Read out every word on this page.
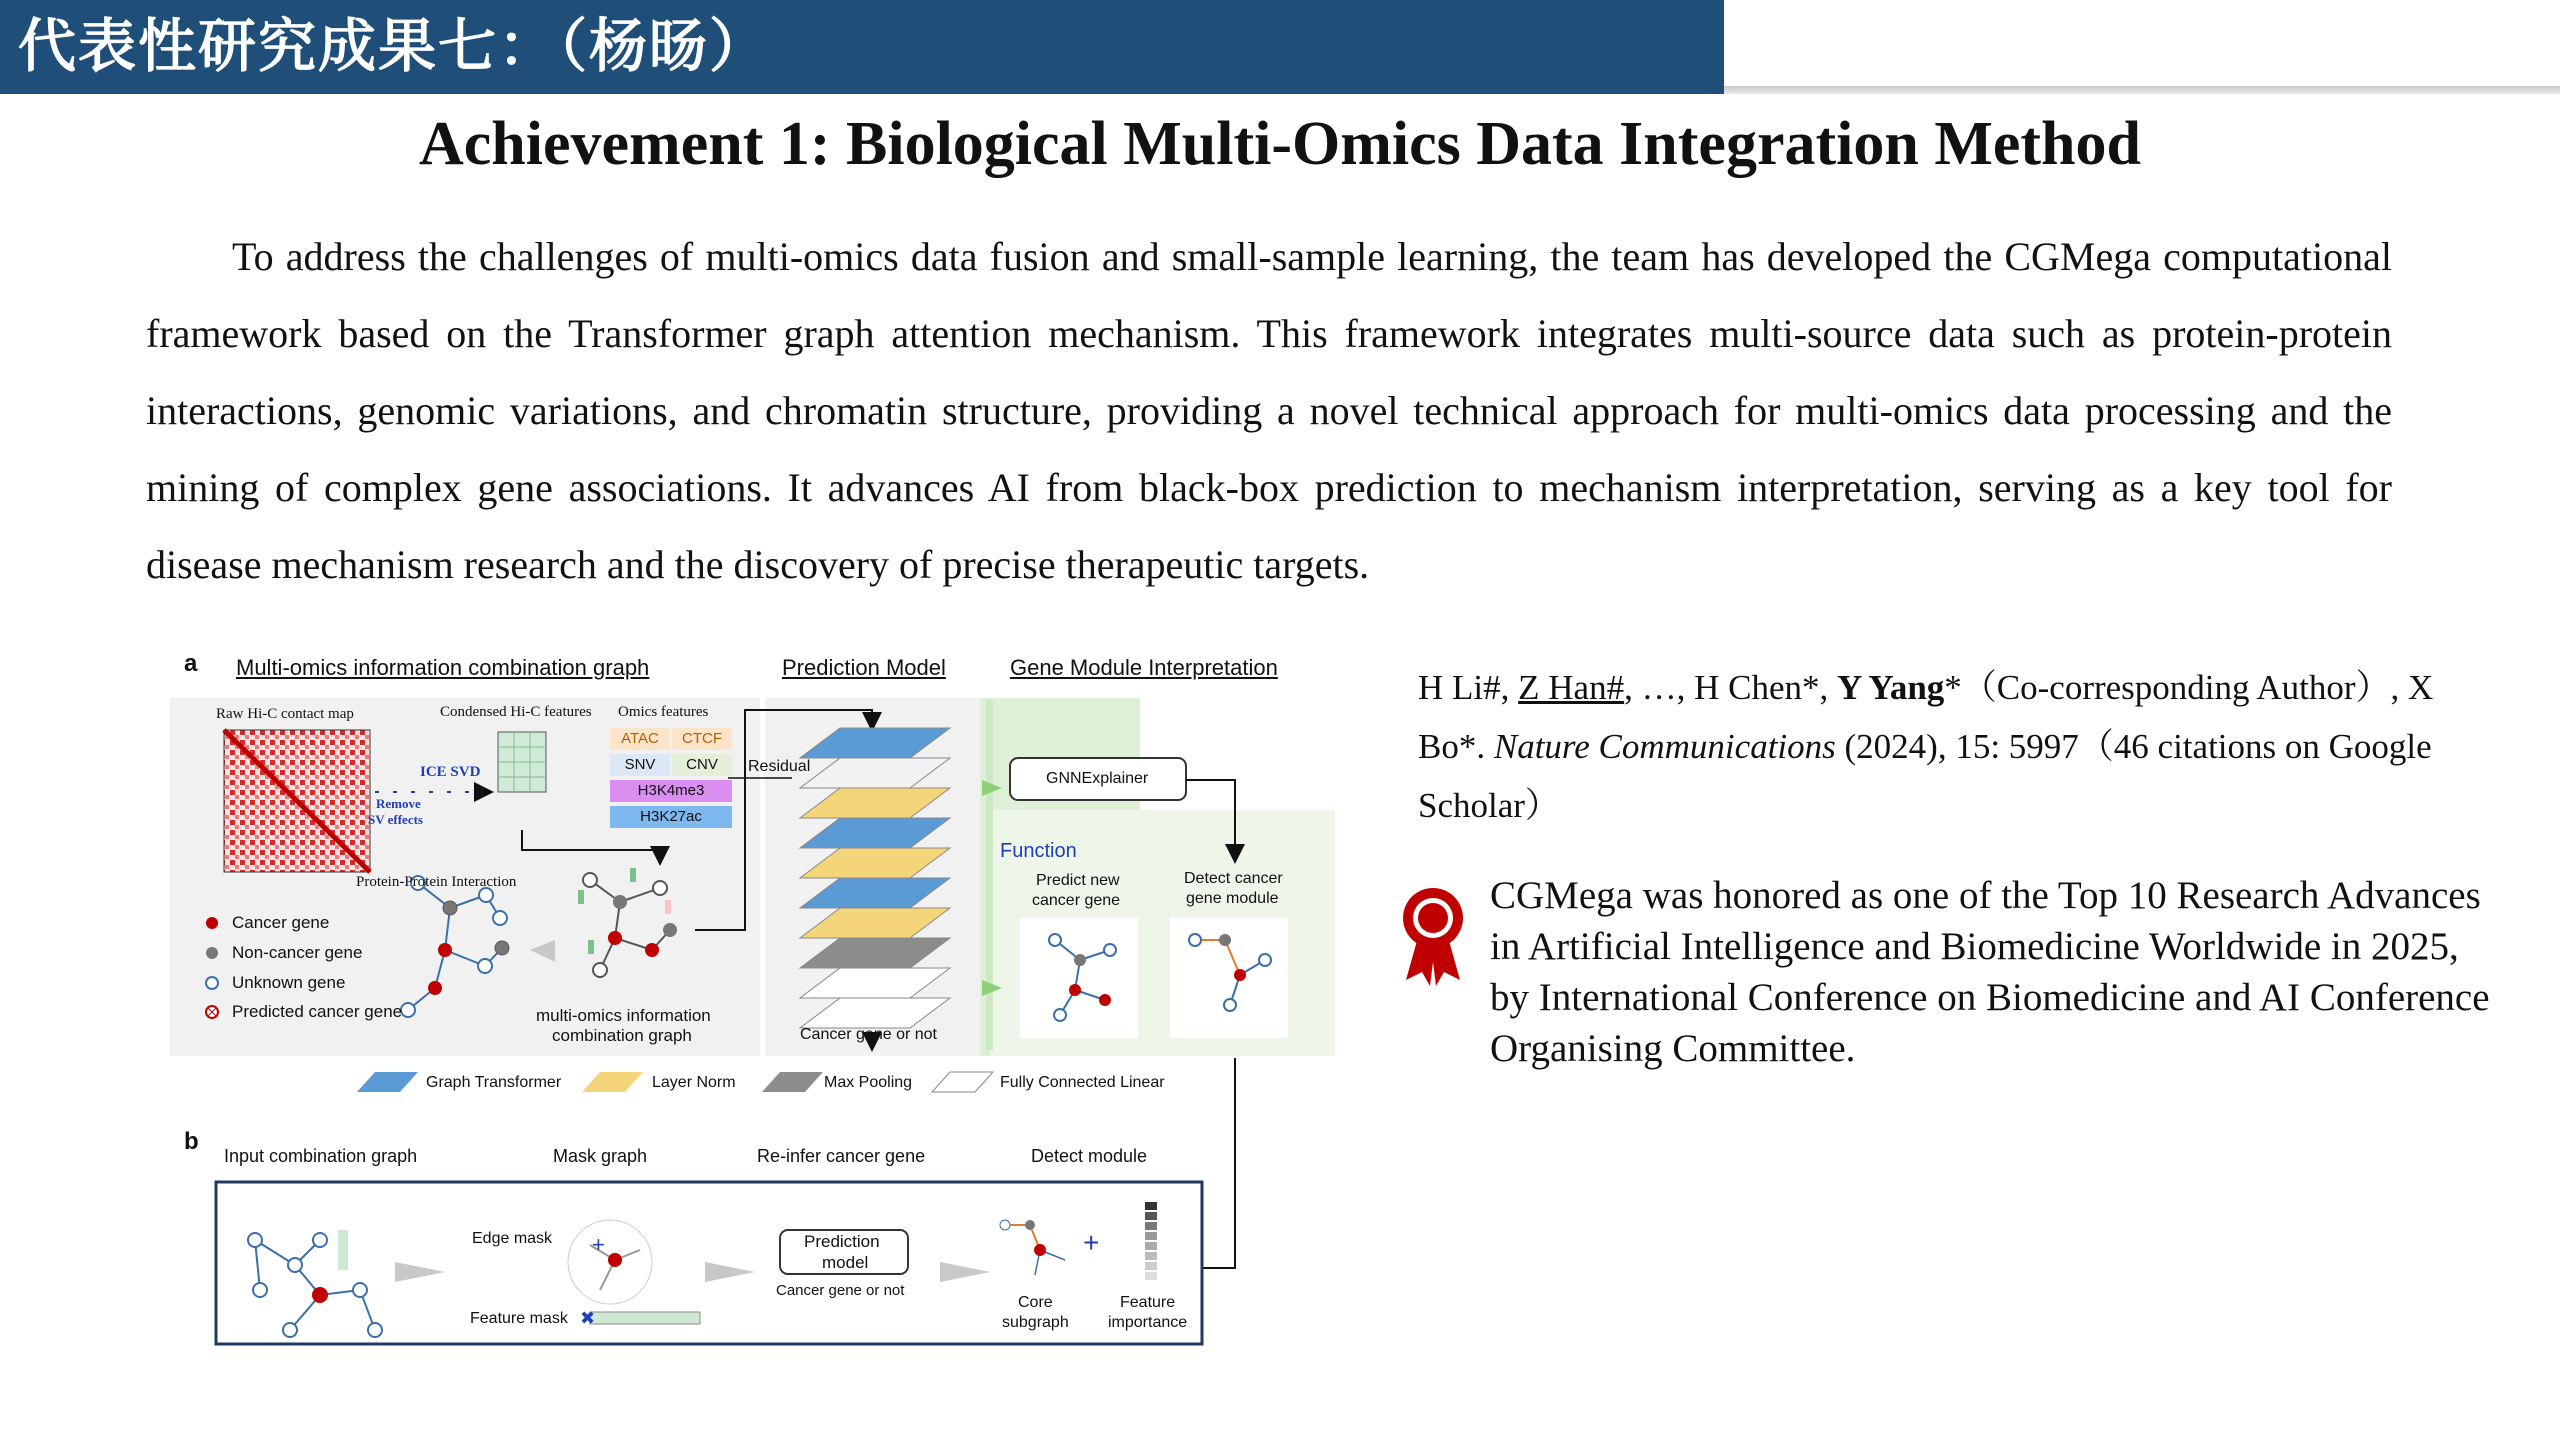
代表性研究成果七：（杨旸）
Achievement 1: Biological Multi-Omics Data Integration Method

To address the challenges of multi-omics data fusion and small-sample learning, the team has developed the CGMega computational framework based on the Transformer graph attention mechanism. This framework integrates multi-source data such as protein-protein interactions, genomic variations, and chromatin structure, providing a novel technical approach for multi-omics data processing and the mining of complex gene associations. It advances AI from black-box prediction to mechanism interpretation, serving as a key tool for disease mechanism research and the discovery of precise therapeutic targets.

+
✖
+
a Multi-omics information combination graph	Prediction Model	Gene Module Interpretation
Raw Hi-C contact map	Condensed Hi-C features Omics features
ICE SVD
Remove
SV effects
ATAC	CTCF
SNV	CNV
H3K4me3
H3K27ac
Protein-Protein Interaction
Cancer gene
Non-cancer gene
Unknown gene
Predicted cancer gene	multi-omics information
combination graph
Residual
Cancer gene or not
GNNExplainer
Function
Predict new
cancer gene
Detect cancer
gene module
Graph Transformer	Layer Norm	Max Pooling	Fully Connected Linear
b
Input combination graph	Mask graph	Re-infer cancer gene	Detect module
Edge mask
Feature mask
Prediction
model
Cancer gene or not
Core
subgraph
Feature
importance

H Li#, Z Han#, …, H Chen*, Y Yang*（Co-corresponding Author）, X Bo*. Nature Communications (2024), 15: 5997（46 citations on Google Scholar）

CGMega was honored as one of the Top 10 Research Advances in Artificial Intelligence and Biomedicine Worldwide in 2025, by International Conference on Biomedicine and AI Conference Organising Committee.
